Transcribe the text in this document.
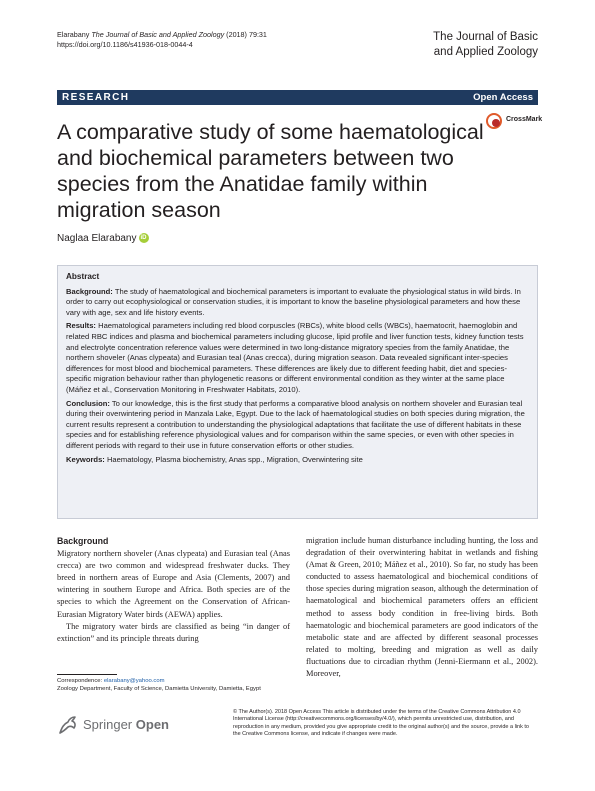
Elarabany The Journal of Basic and Applied Zoology (2018) 79:31
https://doi.org/10.1186/s41936-018-0044-4
The Journal of Basic
and Applied Zoology
RESEARCH	Open Access
CrossMark
A comparative study of some haematological and biochemical parameters between two species from the Anatidae family within migration season
Naglaa Elarabany iD
Abstract

Background: The study of haematological and biochemical parameters is important to evaluate the physiological status in wild birds. In order to carry out ecophysiological or conservation studies, it is important to know the baseline physiological parameters and how these vary with age, sex and life history events.

Results: Haematological parameters including red blood corpuscles (RBCs), white blood cells (WBCs), haematocrit, haemoglobin and related RBC indices and plasma and biochemical parameters including glucose, lipid profile and liver function tests, kidney function tests and electrolyte concentration reference values were determined in two long-distance migratory species from the family Anatidae, the northern shoveler (Anas clypeata) and Eurasian teal (Anas crecca), during migration season. Data revealed significant inter-species differences for most blood and biochemical parameters. These differences are likely due to different feeding habit, diet and species-specific migration behaviour rather than phylogenetic reasons or different environmental condition as they winter at the same place (Máñez et al., Conservation Monitoring in Freshwater Habitats, 2010).

Conclusion: To our knowledge, this is the first study that performs a comparative blood analysis on northern shoveler and Eurasian teal during their overwintering period in Manzala Lake, Egypt. Due to the lack of haematological studies on both species during migration, the current results represent a contribution to understanding the physiological adaptations that facilitate the use of different habitats in these species and for establishing reference physiological values and for comparison within the same species, or even with other species in different periods with regard to their use in future conservation efforts or other studies.

Keywords: Haematology, Plasma biochemistry, Anas spp., Migration, Overwintering site

Background

Migratory northern shoveler (Anas clypeata) and Eurasian teal (Anas crecca) are two common and widespread freshwater ducks. They breed in northern areas of Europe and Asia (Clements, 2007) and wintering in southern Europe and Africa. Both species are of the species to which the Agreement on the Conservation of African-Eurasian Migratory Water birds (AEWA) applies.

The migratory water birds are classified as being “in danger of extinction” and its principle threats during

migration include human disturbance including hunting, the loss and degradation of their overwintering habitat in wetlands and fishing (Amat & Green, 2010; Máñez et al., 2010). So far, no study has been conducted to assess haematological and biochemical conditions of those species during migration season, although the determination of haematological and biochemical parameters offers an efficient method to assess body condition in free-living birds. Both haematologic and biochemical parameters are good indicators of the metabolic state and are affected by different seasonal processes related to molting, breeding and migration as well as daily fluctuations due to circadian rhythm (Jenni-Eiermann et al., 2002). Moreover,

Correspondence: elarabany@yahoo.com
Zoology Department, Faculty of Science, Damietta University, Damietta, Egypt
Springer Open
© The Author(s). 2018 Open Access This article is distributed under the terms of the Creative Commons Attribution 4.0 International License (http://creativecommons.org/licenses/by/4.0/), which permits unrestricted use, distribution, and reproduction in any medium, provided you give appropriate credit to the original author(s) and the source, provide a link to the Creative Commons license, and indicate if changes were made.
